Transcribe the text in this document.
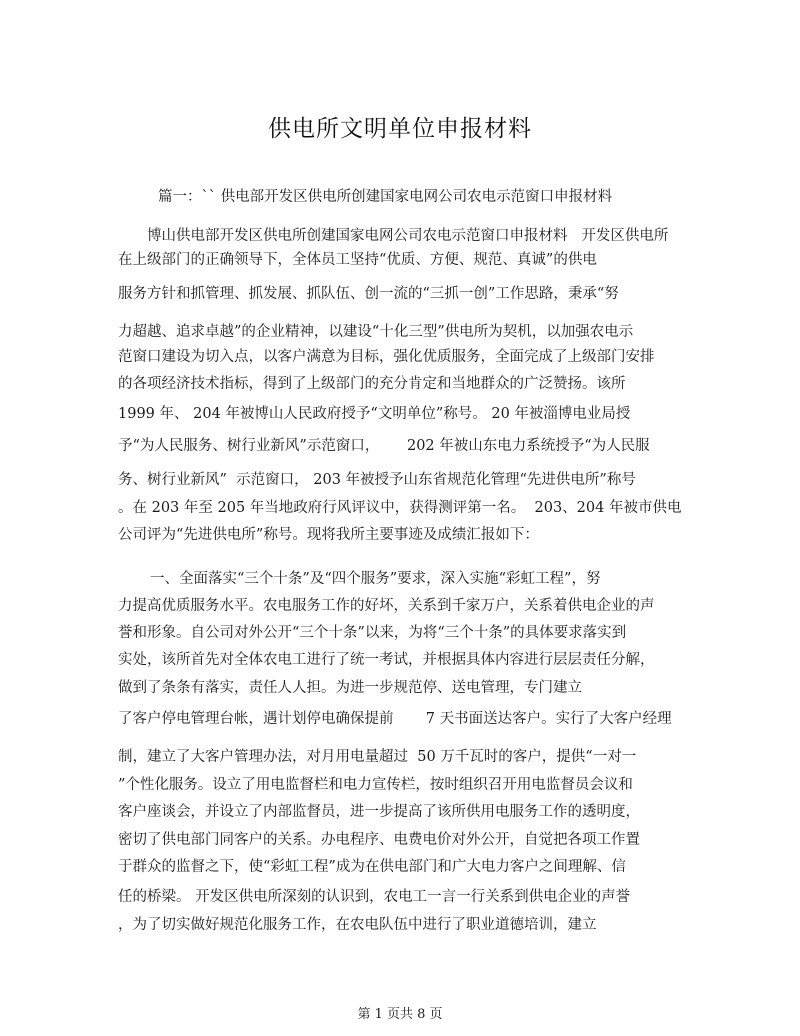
供电所文明单位申报材料
篇一：`` 供电部开发区供电所创建国家电网公司农电示范窗口申报材料
博山供电部开发区供电所创建国家电网公司农电示范窗口申报材料   开发区供电所
在上级部门的正确领导下，全体员工坚持“优质、方便、规范、真诚”的供电
服务方针和抓管理、抓发展、抓队伍、创一流的“三抓一创”工作思路，秉承“努
力超越、追求卓越”的企业精神，以建设“十化三型”供电所为契机，以加强农电示
范窗口建设为切入点，以客户满意为目标，强化优质服务，全面完成了上级部门安排
的各项经济技术指标，得到了上级部门的充分肯定和当地群众的广泛赞扬。该所
1999 年、 204 年被博山人民政府授予“文明单位”称号。 20 年被淄博电业局授
予“为人民服务、树行业新风”示范窗口，      202 年被山东电力系统授予“为人民服
务、树行业新风”  示范窗口， 203 年被授予山东省规范化管理“先进供电所”称号
。在 203 年至 205 年当地政府行风评议中，获得测评第一名。  203、204 年被市供电
公司评为“先进供电所”称号。现将我所主要事迹及成绩汇报如下：
一、全面落实“三个十条”及“四个服务”要求，深入实施“彩虹工程”，努
力提高优质服务水平。农电服务工作的好坏，关系到千家万户，关系着供电企业的声
誉和形象。自公司对外公开“三个十条”以来，为将“三个十条”的具体要求落实到
实处，该所首先对全体农电工进行了统一考试，并根据具体内容进行层层责任分解，
做到了条条有落实，责任人人担。为进一步规范停、送电管理，专门建立
了客户停电管理台帐，遇计划停电确保提前       7 天书面送达客户。实行了大客户经理
制，建立了大客户管理办法，对月用电量超过  50 万千瓦时的客户，提供“一对一
”个性化服务。设立了用电监督栏和电力宣传栏，按时组织召开用电监督员会议和
客户座谈会，并设立了内部监督员，进一步提高了该所供用电服务工作的透明度，
密切了供电部门同客户的关系。办电程序、电费电价对外公开，自觉把各项工作置
于群众的监督之下，使“彩虹工程”成为在供电部门和广大电力客户之间理解、信
任的桥梁。 开发区供电所深刻的认识到，农电工一言一行关系到供电企业的声誉
，为了切实做好规范化服务工作，在农电队伍中进行了职业道德培训，建立
第 1 页共 8 页
